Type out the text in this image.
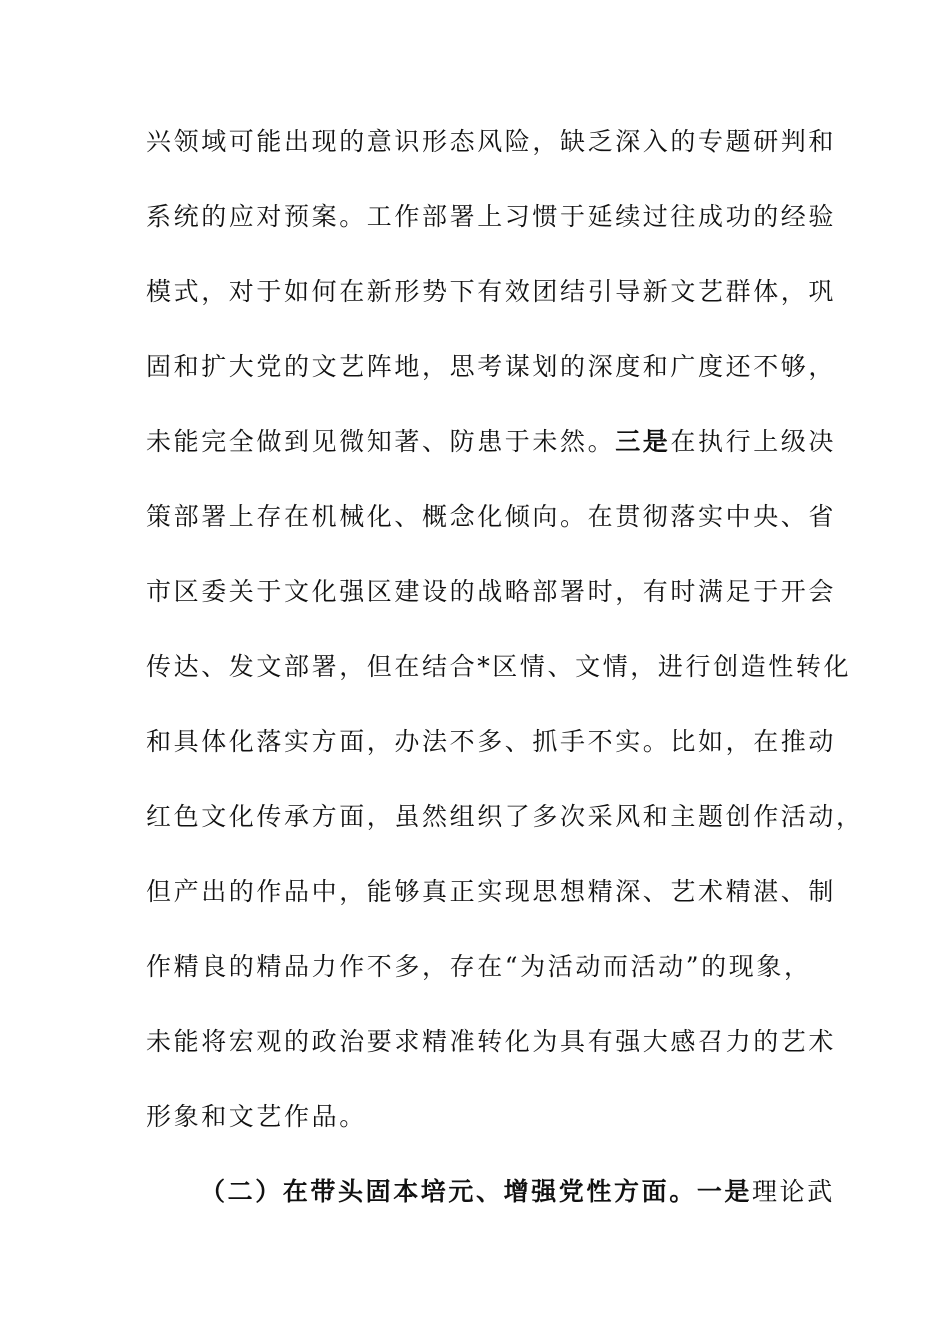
兴领域可能出现的意识形态风险，缺乏深入的专题研判和
系统的应对预案。工作部署上习惯于延续过往成功的经验
模式，对于如何在新形势下有效团结引导新文艺群体，巩
固和扩大党的文艺阵地，思考谋划的深度和广度还不够，
未能完全做到见微知著、防患于未然。三是在执行上级决
策部署上存在机械化、概念化倾向。在贯彻落实中央、省
市区委关于文化强区建设的战略部署时，有时满足于开会
传达、发文部署，但在结合*区情、文情，进行创造性转化
和具体化落实方面，办法不多、抓手不实。比如，在推动
红色文化传承方面，虽然组织了多次采风和主题创作活动，
但产出的作品中，能够真正实现思想精深、艺术精湛、制
作精良的精品力作不多，存在“为活动而活动”的现象，
未能将宏观的政治要求精准转化为具有强大感召力的艺术
形象和文艺作品。
（二）在带头固本培元、增强党性方面。一是理论武
